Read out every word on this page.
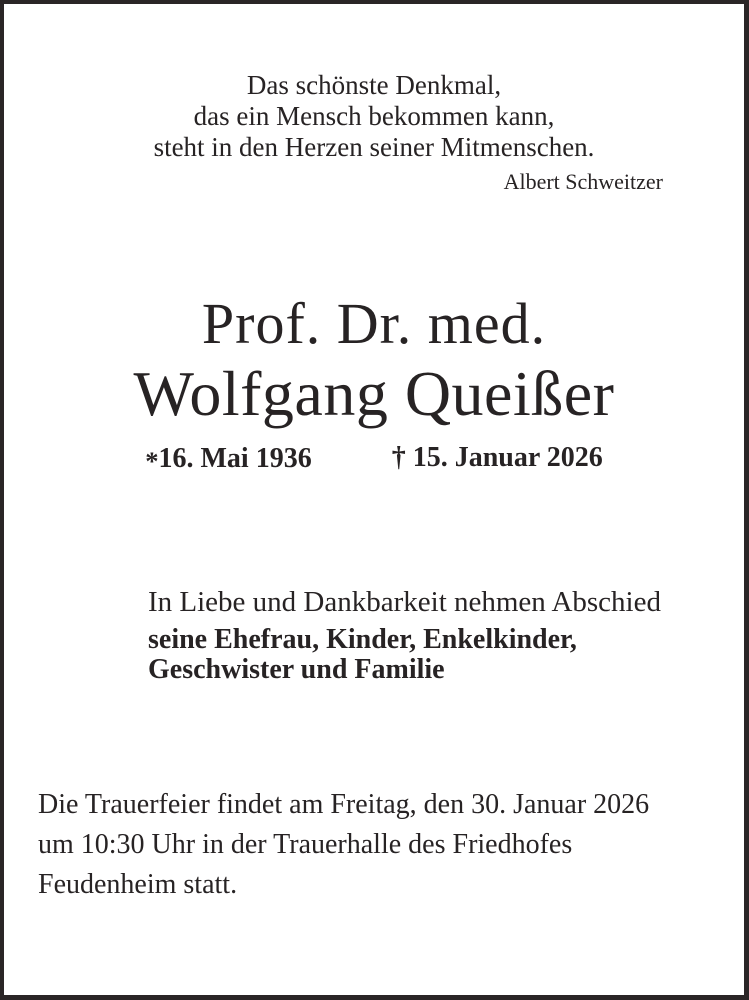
Das schönste Denkmal,
das ein Mensch bekommen kann,
steht in den Herzen seiner Mitmenschen.
Albert Schweitzer
Prof. Dr. med.
Wolfgang Queißer
*16. Mai 1936	† 15. Januar 2026
In Liebe und Dankbarkeit nehmen Abschied
seine Ehefrau, Kinder, Enkelkinder,
Geschwister und Familie
Die Trauerfeier findet am Freitag, den 30. Januar 2026
um 10:30 Uhr in der Trauerhalle des Friedhofes
Feudenheim statt.
